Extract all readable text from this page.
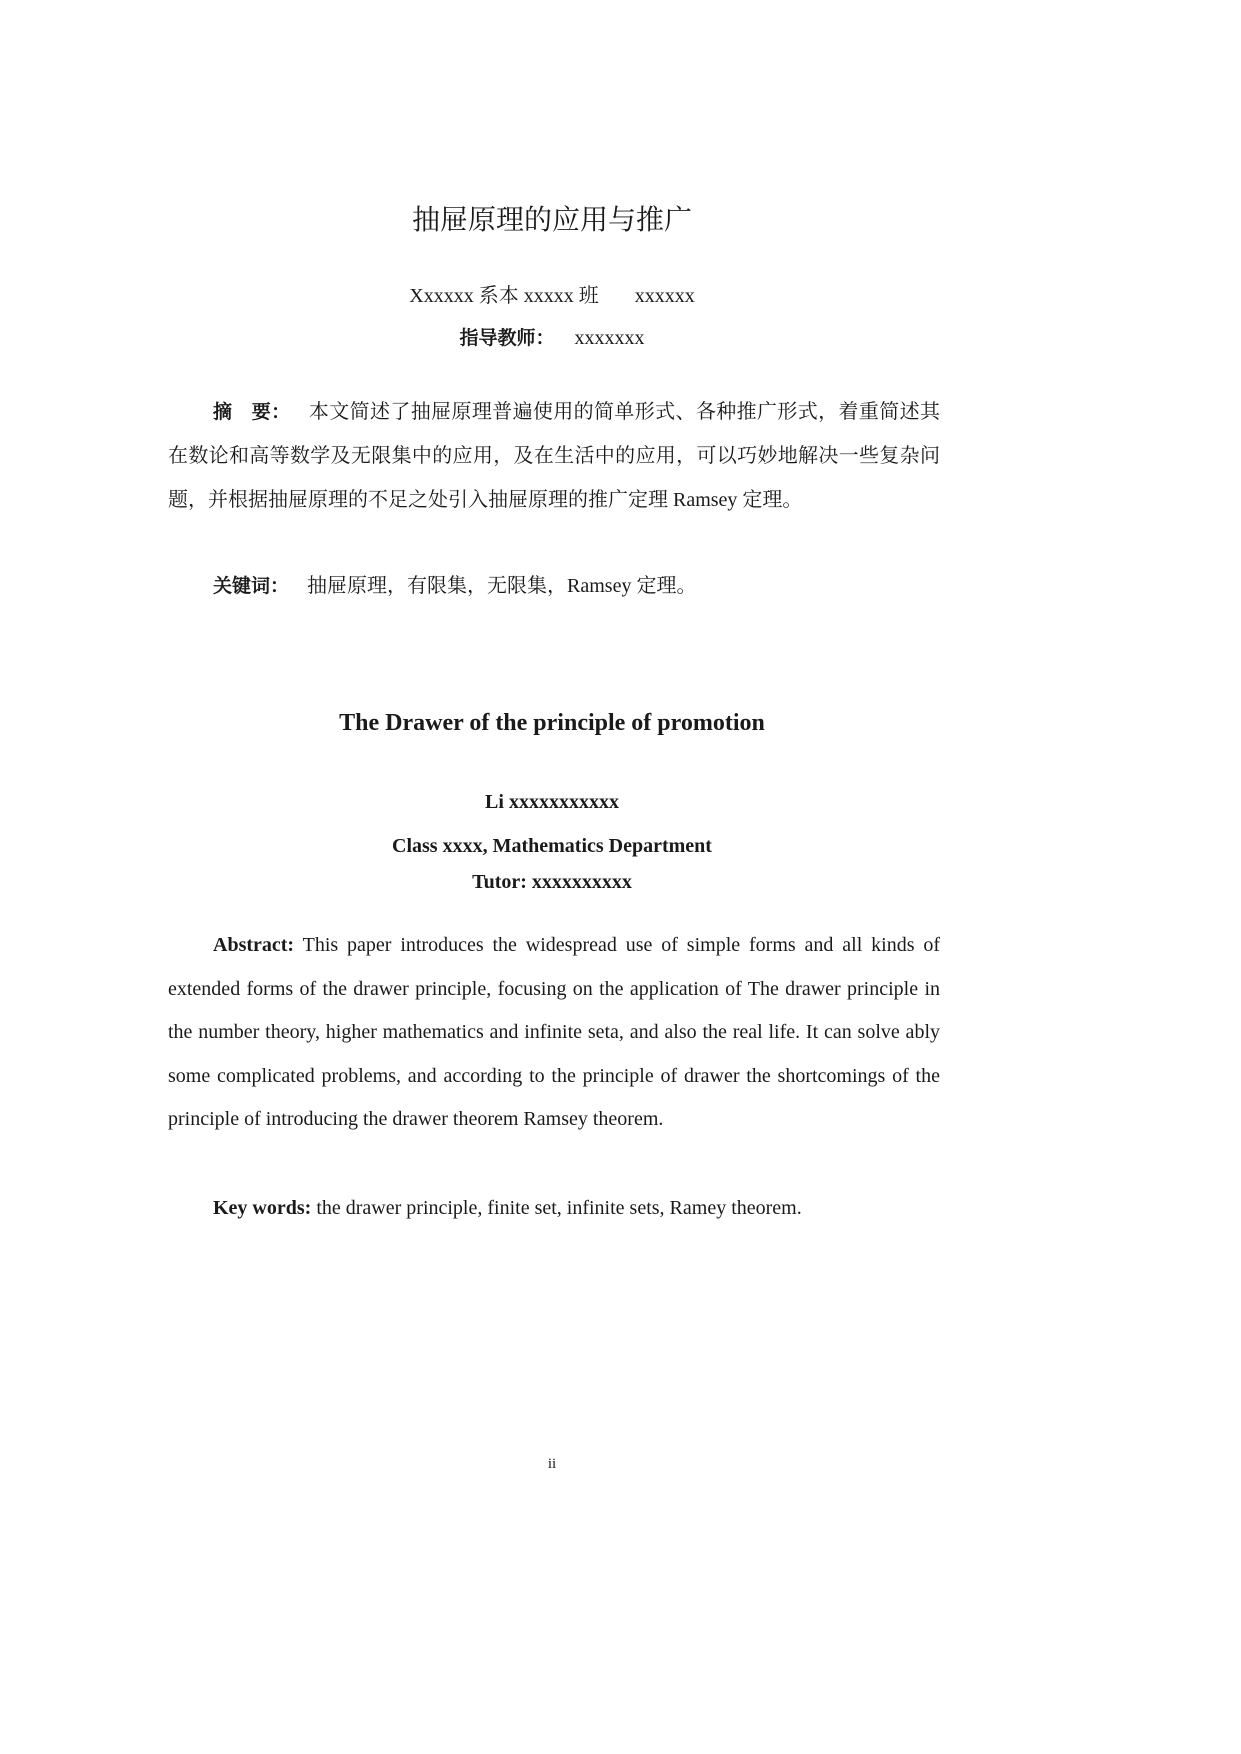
抽屉原理的应用与推广
Xxxxxx 系本 xxxxx 班 xxxxxx
指导教师： xxxxxxx
摘　要： 本文简述了抽屉原理普遍使用的简单形式、各种推广形式，着重简述其在数论和高等数学及无限集中的应用，及在生活中的应用，可以巧妙地解决一些复杂问题，并根据抽屉原理的不足之处引入抽屉原理的推广定理 Ramsey 定理。
关键词： 抽屉原理，有限集，无限集，Ramsey 定理。
The Drawer of the principle of promotion
Li xxxxxxxxxxx
Class xxxx, Mathematics Department
Tutor: xxxxxxxxxx
Abstract: This paper introduces the widespread use of simple forms and all kinds of extended forms of the drawer principle, focusing on the application of The drawer principle in the number theory, higher mathematics and infinite seta, and also the real life. It can solve ably some complicated problems, and according to the principle of drawer the shortcomings of the principle of introducing the drawer theorem Ramsey theorem.
Key words: the drawer principle, finite set, infinite sets, Ramey theorem.
ii
